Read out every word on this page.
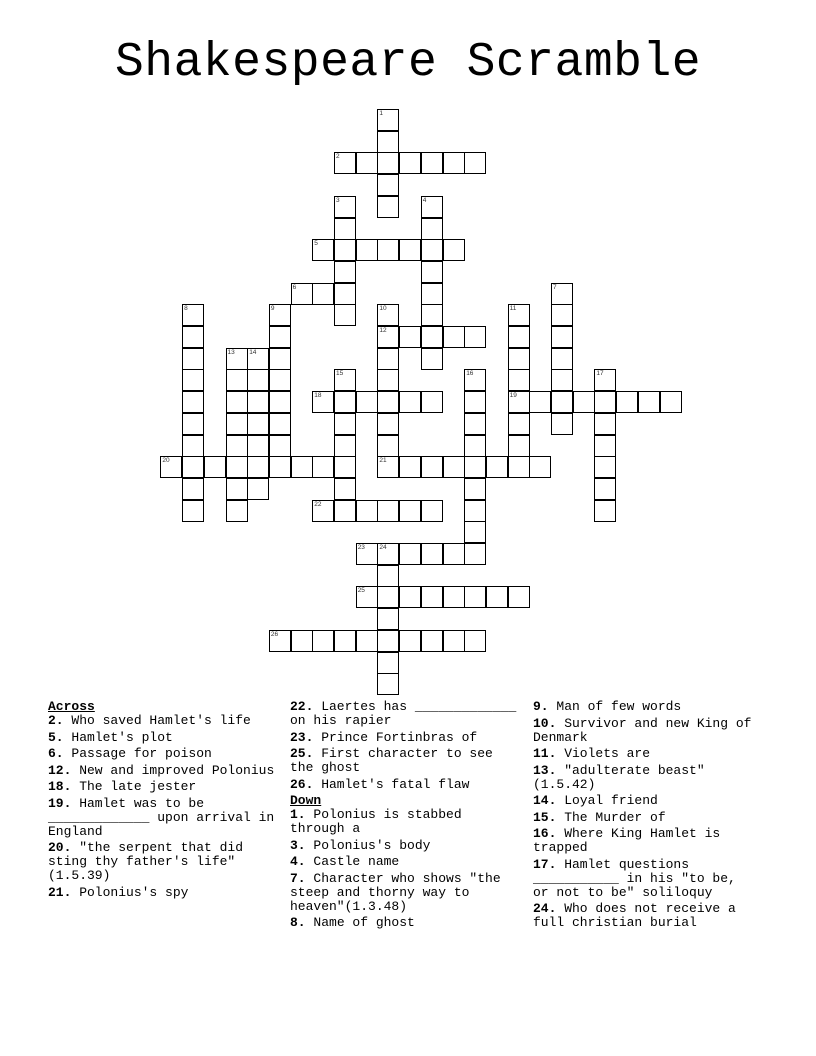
Shakespeare Scramble
1
2
3	4
5
6	7
8	9	10	11
12
13 14
15	16	17
18	19
20	21
22
23 24
25
26
Across
2. Who saved Hamlet's life
5. Hamlet's plot
6. Passage for poison
12. New and improved Polonius
18. The late jester
19. Hamlet was to be _____________ upon arrival in England
20. "the serpent that did sting thy father's life"(1.5.39)
21. Polonius's spy
22. Laertes has _____________ on his rapier
23. Prince Fortinbras of
25. First character to see the ghost
26. Hamlet's fatal flaw
Down
1. Polonius is stabbed through a
3. Polonius's body
4. Castle name
7. Character who shows "the steep and thorny way to heaven"(1.3.48)
8. Name of ghost
9. Man of few words
10. Survivor and new King of Denmark
11. Violets are
13. "adulterate beast"(1.5.42)
14. Loyal friend
15. The Murder of
16. Where King Hamlet is trapped
17. Hamlet questions ___________ in his "to be, or not to be" soliloquy
24. Who does not receive a full christian burial
